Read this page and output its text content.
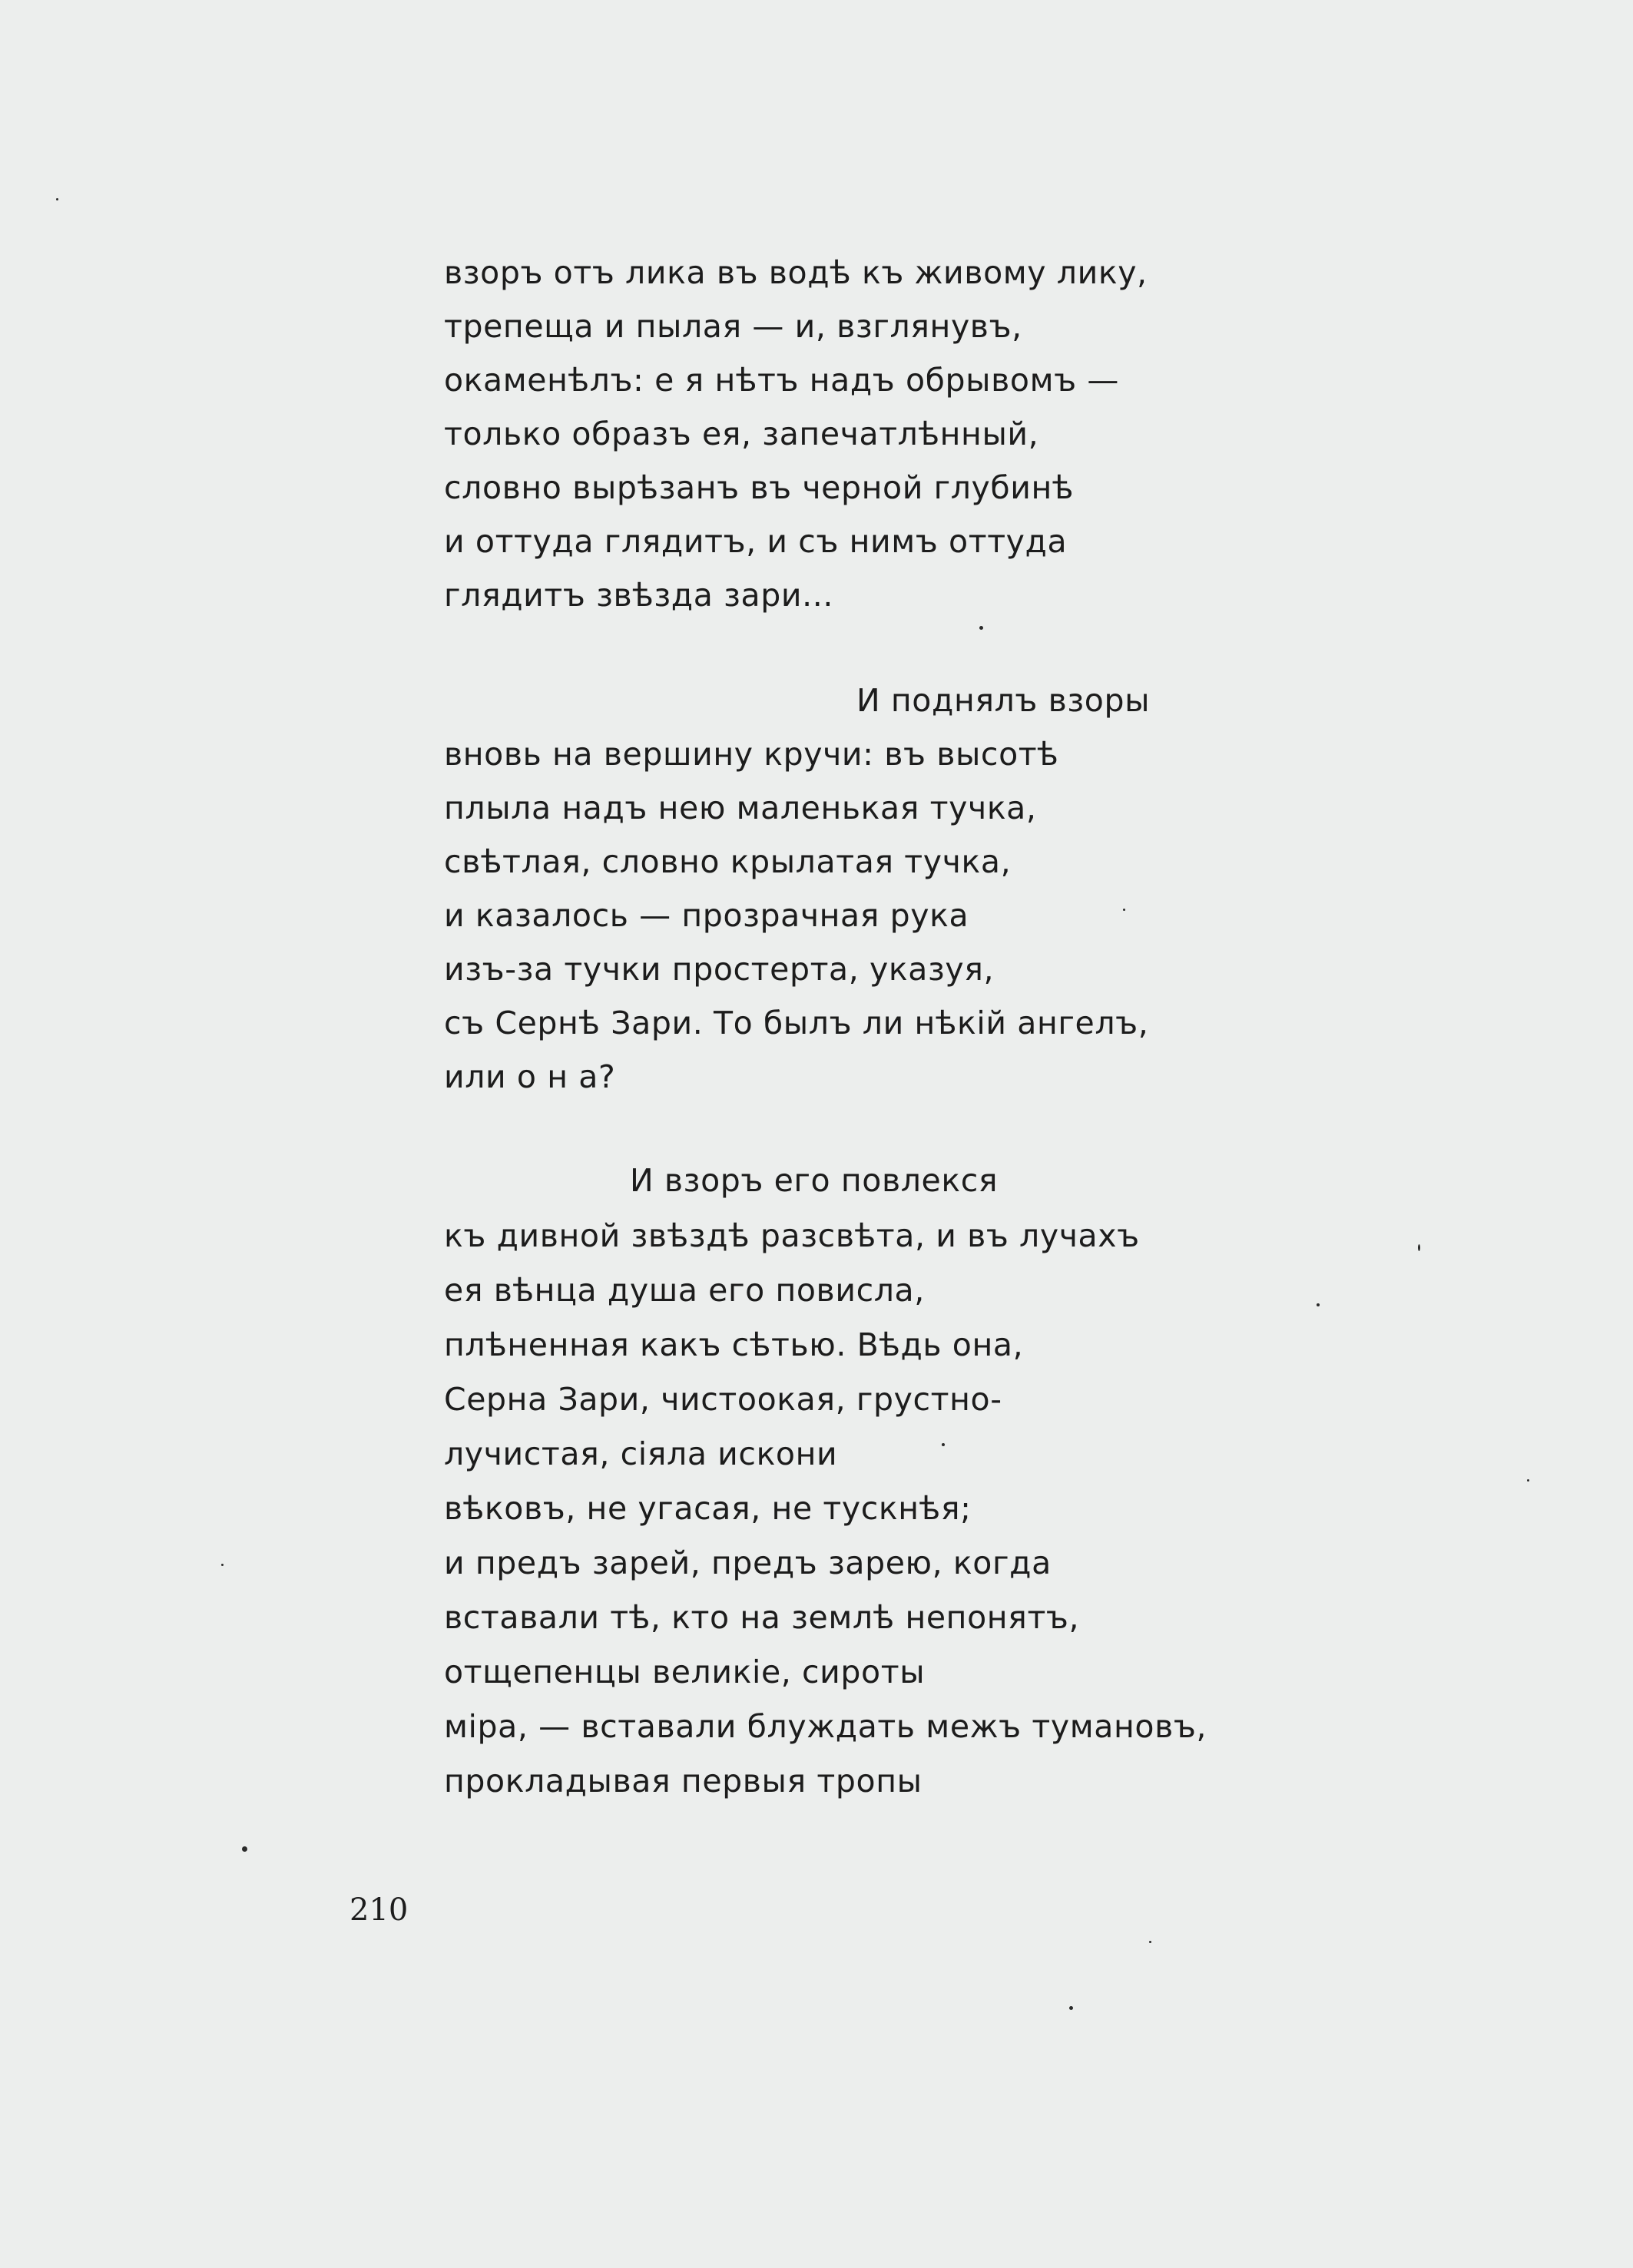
взоръ отъ лика въ водѣ къ живому лику,
трепеща и пылая — и, взглянувъ,
окаменѣлъ: е я нѣтъ надъ обрывомъ —
только образъ ея, запечатлѣнный,
словно вырѣзанъ въ черной глубинѣ
и оттуда глядитъ, и съ нимъ оттуда
глядитъ звѣзда зари...
И поднялъ взоры
вновь на вершину кручи: въ высотѣ
плыла надъ нею маленькая тучка,
свѣтлая, словно крылатая тучка,
и казалось — прозрачная рука
изъ-за тучки простерта, указуя,
съ Сернѣ Зари. То былъ ли нѣкій ангелъ,
или о н а?
И взоръ его повлекся
къ дивной звѣздѣ разсвѣта, и въ лучахъ
ея вѣнца душа его повисла,
плѣненная какъ сѣтью. Вѣдь она,
Серна Зари, чистоокая, грустно-
лучистая, сіяла искони
вѣковъ, не угасая, не тускнѣя;
и предъ зарей, предъ зарею, когда
вставали тѣ, кто на землѣ непонятъ,
отщепенцы великіе, сироты
міра, — вставали блуждать межъ тумановъ,
прокладывая первыя тропы
210
